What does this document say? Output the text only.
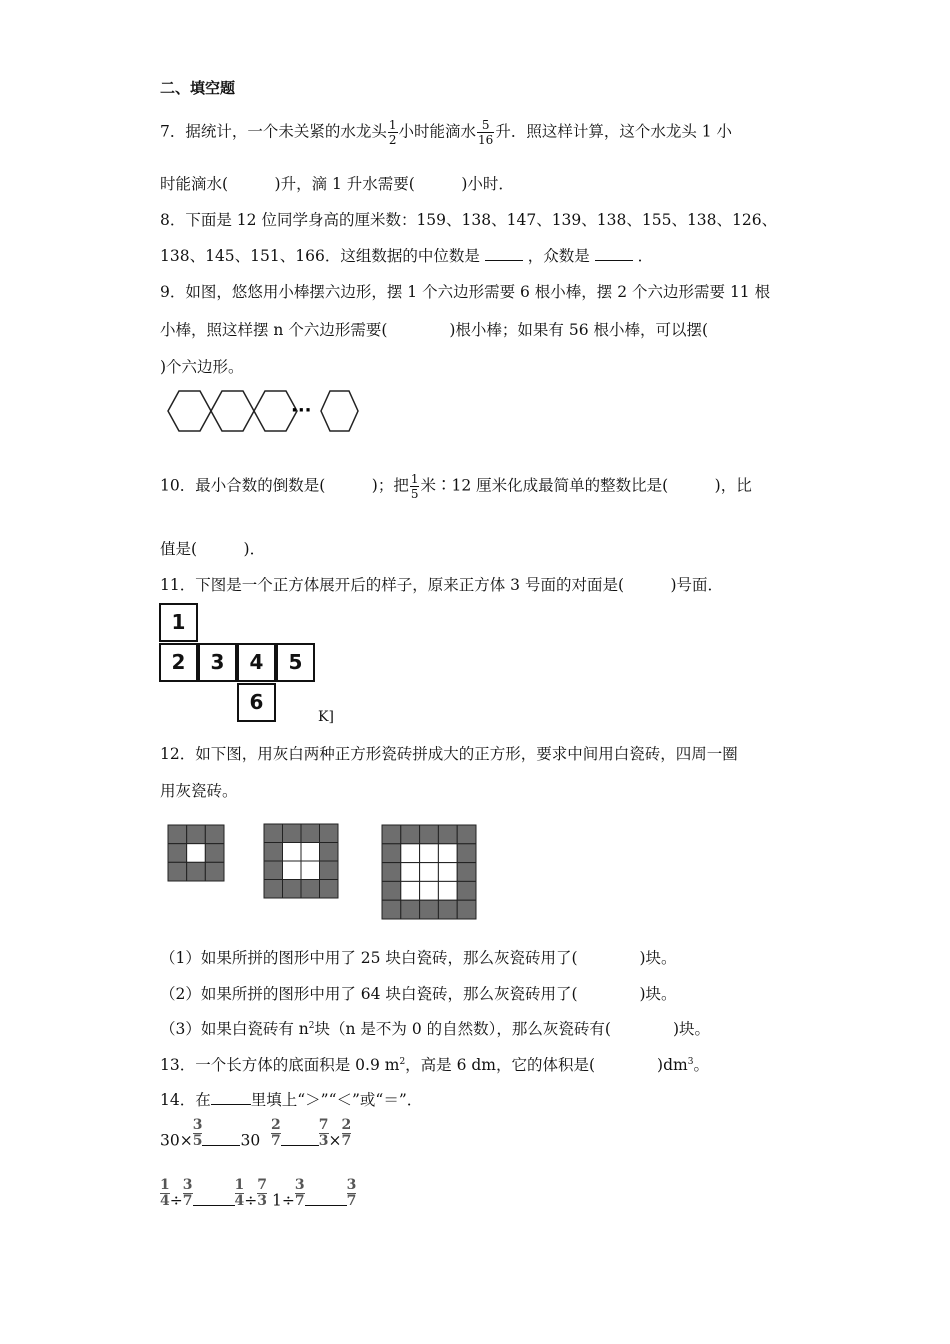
二、填空题
7．据统计，一个未关紧的水龙头 $\frac{1}{2}$ 小时能滴水 $\frac{5}{16}$ 升．照这样计算，这个水龙头 1 小
时能滴水(　　　)升，滴 1 升水需要(　　　)小时．
8．下面是 12 位同学身高的厘米数：159、138、147、139、138、155、138、126、
138、145、151、166．这组数据的中位数是	，众数是	．
9．如图，悠悠用小棒摆六边形，摆 1 个六边形需要 6 根小棒，摆 2 个六边形需要 11 根
小棒，照这样摆 n 个六边形需要(　　　　)根小棒；如果有 56 根小棒，可以摆(
)个六边形。
···
10．最小合数的倒数是(　　　)；把 $\frac{1}{5}$ 米∶12 厘米化成最简单的整数比是(　　　)，比
值是(　　　)．
11．下图是一个正方体展开后的样子，原来正方体 3 号面的对面是(　　　)号面．
1
2	3	4	5
6
K]
12．如下图，用灰白两种正方形瓷砖拼成大的正方形，要求中间用白瓷砖，四周一圈
用灰瓷砖。
（1）如果所拼的图形中用了 25 块白瓷砖，那么灰瓷砖用了(　　　　)块。
（2）如果所拼的图形中用了 64 块白瓷砖，那么灰瓷砖用了(　　　　)块。
（3）如果白瓷砖有 $n^2$块（n 是不为 0 的自然数），那么灰瓷砖有(　　　　)块。
13．一个长方体的底面积是 0.9 $m^2$，高是 6 dm，它的体积是(　　　　)$dm^3$。
14．在	里填上“＞”“＜”或“＝”．
$30\times \frac{3}{5} 30 \frac{2}{7}$	$\frac{7}{3} \times \frac{2}{7}$
$\frac{1}{4} \div \frac{3}{7}$	$\frac{1}{4} \div \frac{7}{3} 1\div \frac{3}{7}$	$\frac{3}{7}$
